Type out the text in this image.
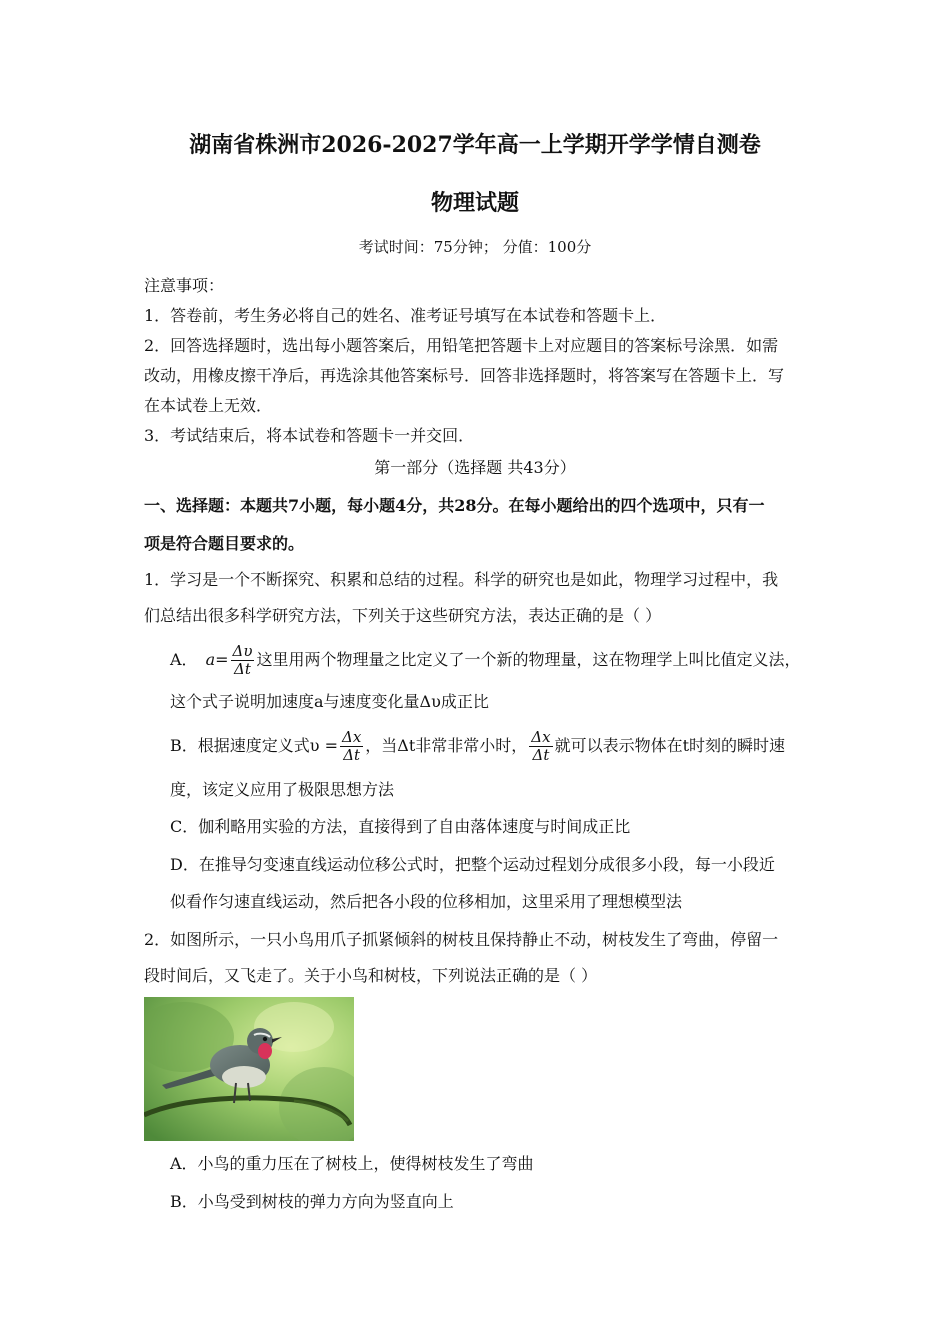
湖南省株洲市2026-2027学年高一上学期开学学情自测卷
物理试题
考试时间：75分钟； 分值：100分
注意事项：
1．答卷前，考生务必将自己的姓名、准考证号填写在本试卷和答题卡上．
2．回答选择题时，选出每小题答案后，用铅笔把答题卡上对应题目的答案标号涂黑．如需
改动，用橡皮擦干净后，再选涂其他答案标号．回答非选择题时，将答案写在答题卡上．写
在本试卷上无效．
3．考试结束后，将本试卷和答题卡一并交回．
第一部分（选择题 共43分）
一、选择题：本题共7小题，每小题4分，共28分。在每小题给出的四个选项中，只有一
项是符合题目要求的。
1．学习是一个不断探究、积累和总结的过程。科学的研究也是如此，物理学习过程中，我
们总结出很多科学研究方法，下列关于这些研究方法，表达正确的是（ ）
A． $a = \frac{\Delta\upsilon}{\Delta t}$ 这里用两个物理量之比定义了一个新的物理量，这在物理学上叫比值定义法，
这个式子说明加速度a与速度变化量Δυ成正比
B．根据速度定义式$\upsilon = \frac{\Delta x}{\Delta t}$ ，当Δt非常非常小时， $\frac{\Delta x}{\Delta t}$ 就可以表示物体在t时刻的瞬时速
度，该定义应用了极限思想方法
C．伽利略用实验的方法，直接得到了自由落体速度与时间成正比
D．在推导匀变速直线运动位移公式时，把整个运动过程划分成很多小段，每一小段近
似看作匀速直线运动，然后把各小段的位移相加，这里采用了理想模型法
2．如图所示，一只小鸟用爪子抓紧倾斜的树枝且保持静止不动，树枝发生了弯曲，停留一
段时间后，又飞走了。关于小鸟和树枝，下列说法正确的是（ ）
A．小鸟的重力压在了树枝上，使得树枝发生了弯曲
B．小鸟受到树枝的弹力方向为竖直向上
